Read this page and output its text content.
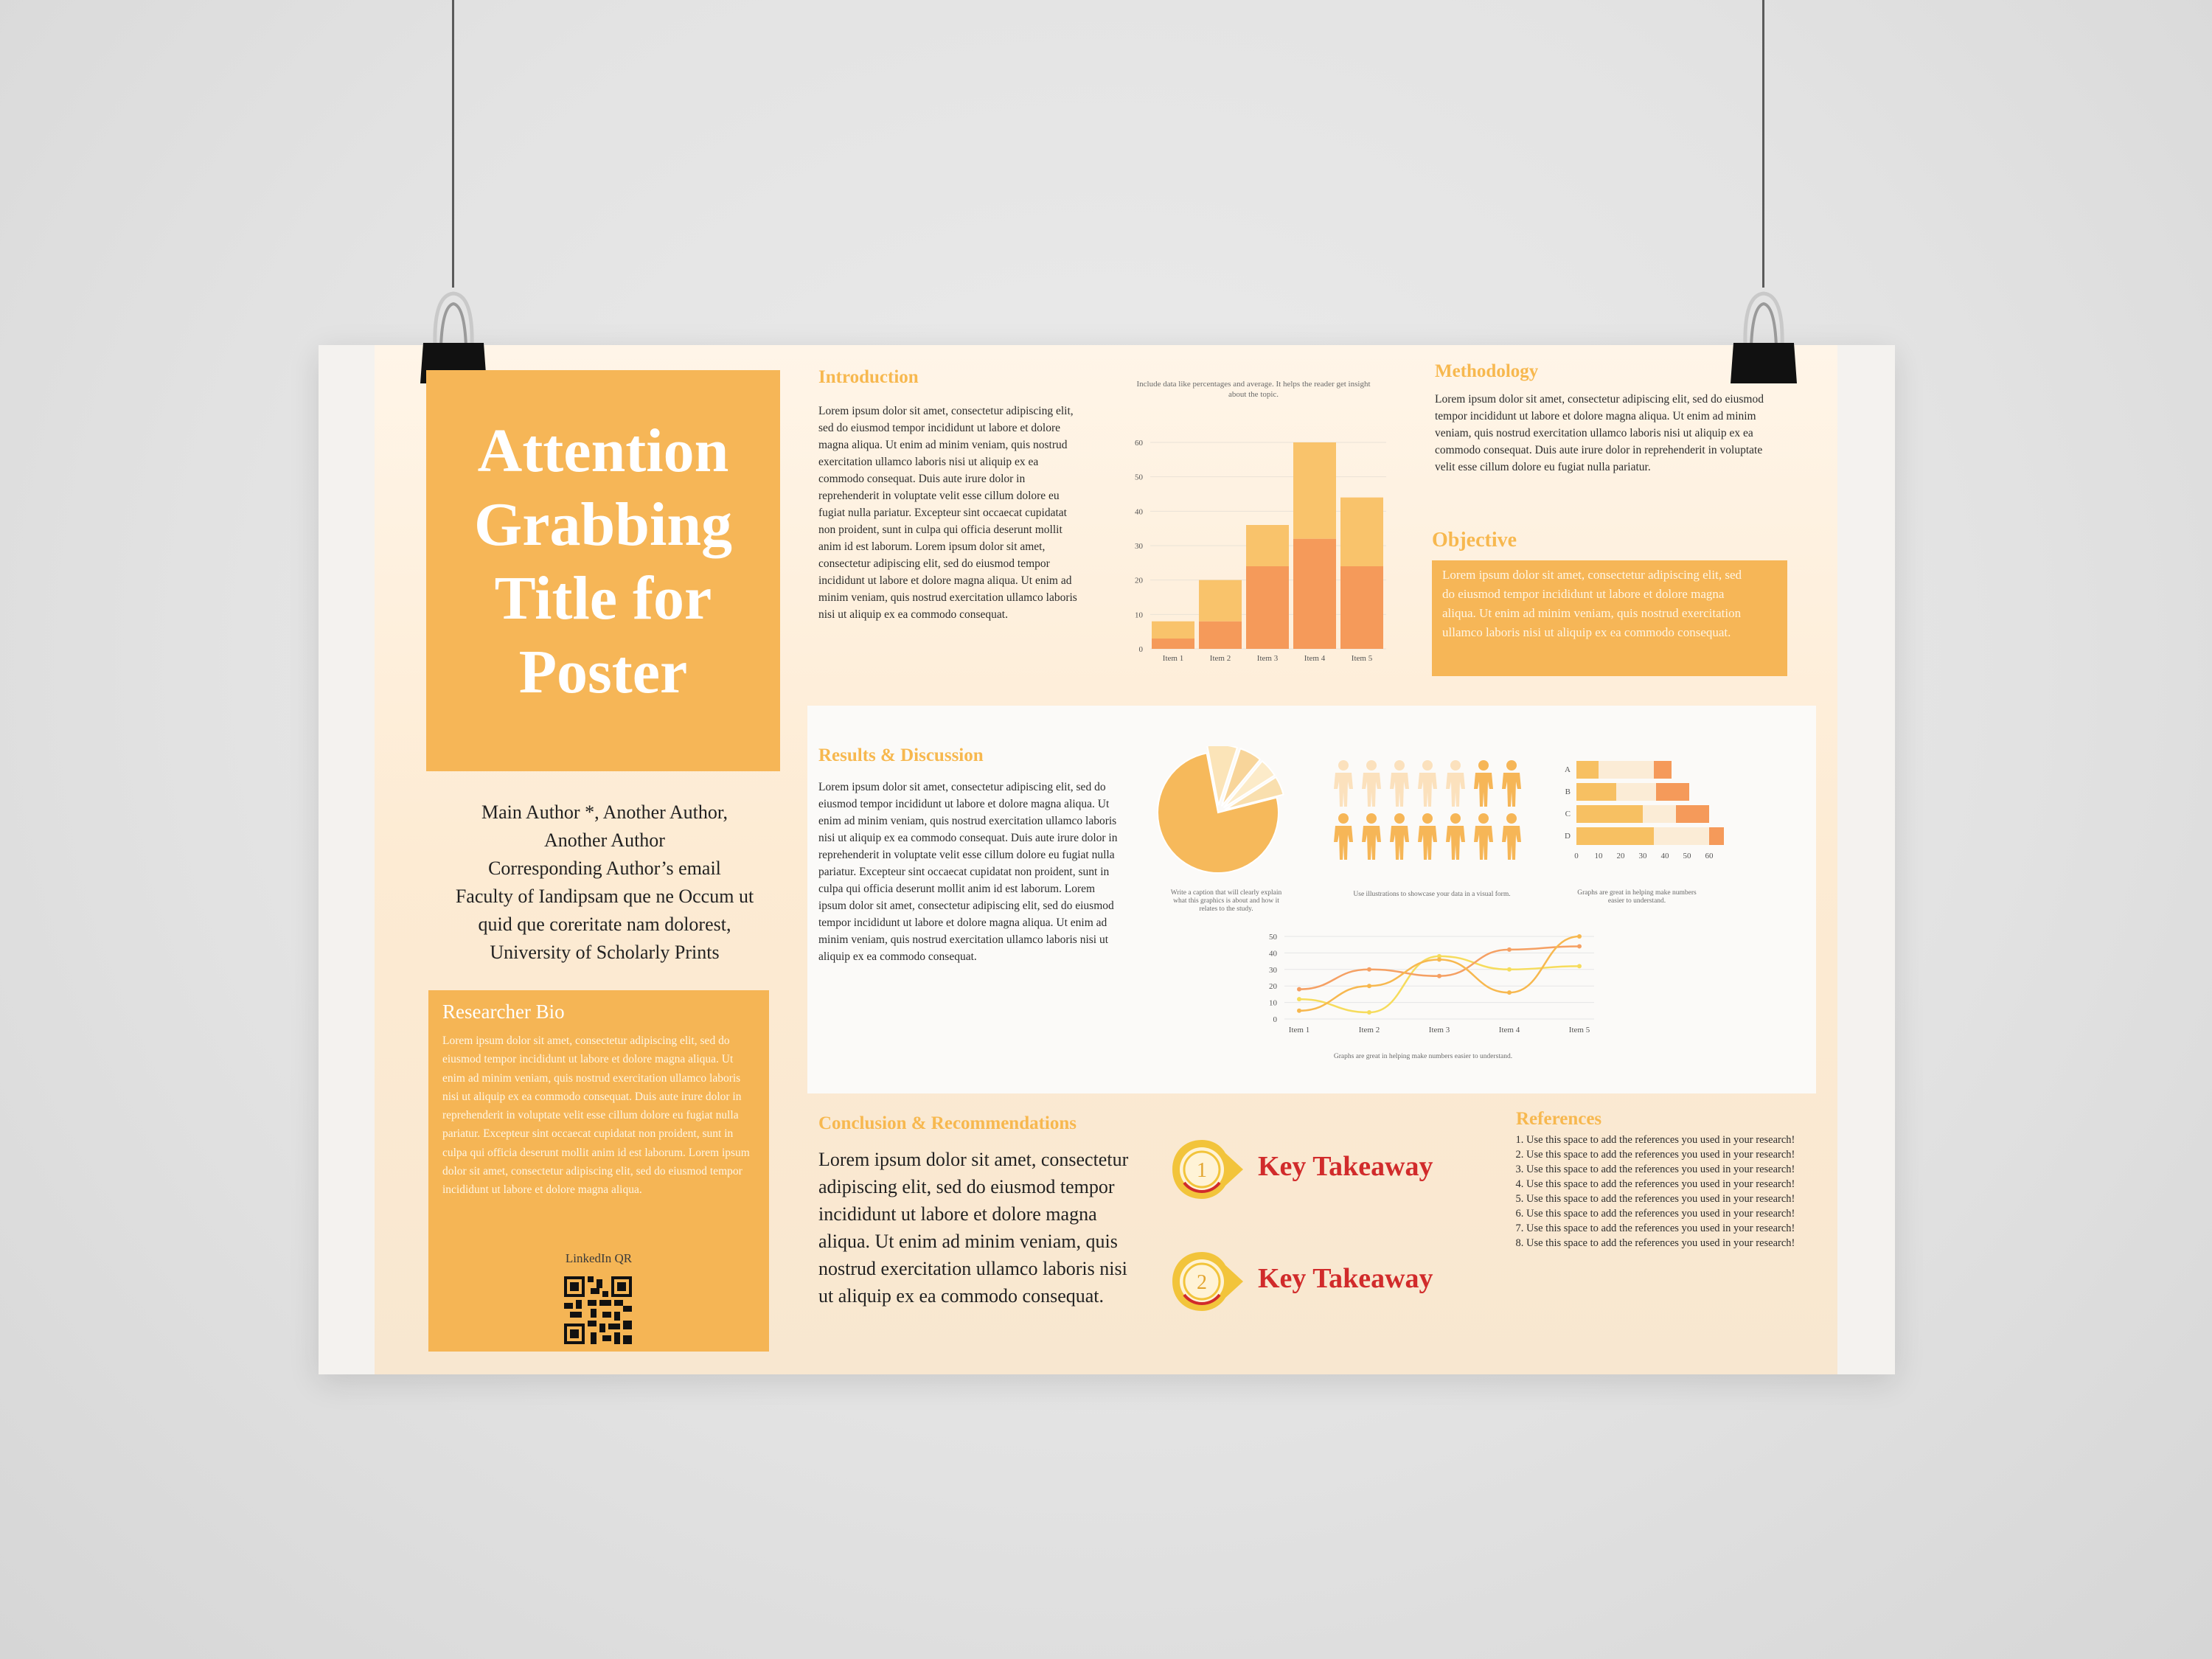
Attention
Grabbing
Title for
Poster
Main Author *, Another Author,
Another Author
Corresponding Author’s email
Faculty of Iandipsam que ne Occum ut
quid que coreritate nam dolorest,
University of Scholarly Prints
Researcher Bio
Lorem ipsum dolor sit amet, consectetur adipiscing elit, sed do eiusmod tempor incididunt ut labore et dolore magna aliqua. Ut enim ad minim veniam, quis nostrud exercitation ullamco laboris nisi ut aliquip ex ea commodo consequat. Duis aute irure dolor in reprehenderit in voluptate velit esse cillum dolore eu fugiat nulla pariatur. Excepteur sint occaecat cupidatat non proident, sunt in culpa qui officia deserunt mollit anim id est laborum. Lorem ipsum dolor sit amet, consectetur adipiscing elit, sed do eiusmod tempor incididunt ut labore et dolore magna aliqua.
LinkedIn QR
Introduction
Lorem ipsum dolor sit amet, consectetur adipiscing elit, sed do eiusmod tempor incididunt ut labore et dolore magna aliqua. Ut enim ad minim veniam, quis nostrud exercitation ullamco laboris nisi ut aliquip ex ea commodo consequat. Duis aute irure dolor in reprehenderit in voluptate velit esse cillum dolore eu fugiat nulla pariatur. Excepteur sint occaecat cupidatat non proident, sunt in culpa qui officia deserunt mollit anim id est laborum. Lorem ipsum dolor sit amet, consectetur adipiscing elit, sed do eiusmod tempor incididunt ut labore et dolore magna aliqua. Ut enim ad minim veniam, quis nostrud exercitation ullamco laboris nisi ut aliquip ex ea commodo consequat.
Include data like percentages and average. It helps the reader get insight about the topic.
0
10
20
30
40
50
60
Item 1	Item 2	Item 3	Item 4	Item 5
Methodology
Lorem ipsum dolor sit amet, consectetur adipiscing elit, sed do eiusmod tempor incididunt ut labore et dolore magna aliqua. Ut enim ad minim veniam, quis nostrud exercitation ullamco laboris nisi ut aliquip ex ea commodo consequat. Duis aute irure dolor in reprehenderit in voluptate velit esse cillum dolore eu fugiat nulla pariatur.
Objective
Lorem ipsum dolor sit amet, consectetur adipiscing elit, sed do eiusmod tempor incididunt ut labore et dolore magna aliqua. Ut enim ad minim veniam, quis nostrud exercitation ullamco laboris nisi ut aliquip ex ea commodo consequat.
Results & Discussion
Lorem ipsum dolor sit amet, consectetur adipiscing elit, sed do eiusmod tempor incididunt ut labore et dolore magna aliqua. Ut enim ad minim veniam, quis nostrud exercitation ullamco laboris nisi ut aliquip ex ea commodo consequat. Duis aute irure dolor in reprehenderit in voluptate velit esse cillum dolore eu fugiat nulla pariatur. Excepteur sint occaecat cupidatat non proident, sunt in culpa qui officia deserunt mollit anim id est laborum. Lorem ipsum dolor sit amet, consectetur adipiscing elit, sed do eiusmod tempor incididunt ut labore et dolore magna aliqua. Ut enim ad minim veniam, quis nostrud exercitation ullamco laboris nisi ut aliquip ex ea commodo consequat.
Write a caption that will clearly explain what this graphics is about and how it relates to the study.
Use illustrations to showcase your data in a visual form.
A
B
C
D
0 10 20 30 40 50 60
Graphs are great in helping make numbers easier to understand.
0
10
20
30
40
50
Item 1	Item 2	Item 3	Item 4	Item 5
Graphs are great in helping make numbers easier to understand.
Conclusion & Recommendations
Lorem ipsum dolor sit amet, consectetur adipiscing elit, sed do eiusmod tempor incididunt ut labore et dolore magna aliqua. Ut enim ad minim veniam, quis nostrud exercitation ullamco laboris nisi ut aliquip ex ea commodo consequat.
1 Key Takeaway
2 Key Takeaway
References
1. Use this space to add the references you used in your research!
2. Use this space to add the references you used in your research!
3. Use this space to add the references you used in your research!
4. Use this space to add the references you used in your research!
5. Use this space to add the references you used in your research!
6. Use this space to add the references you used in your research!
7. Use this space to add the references you used in your research!
8. Use this space to add the references you used in your research!
